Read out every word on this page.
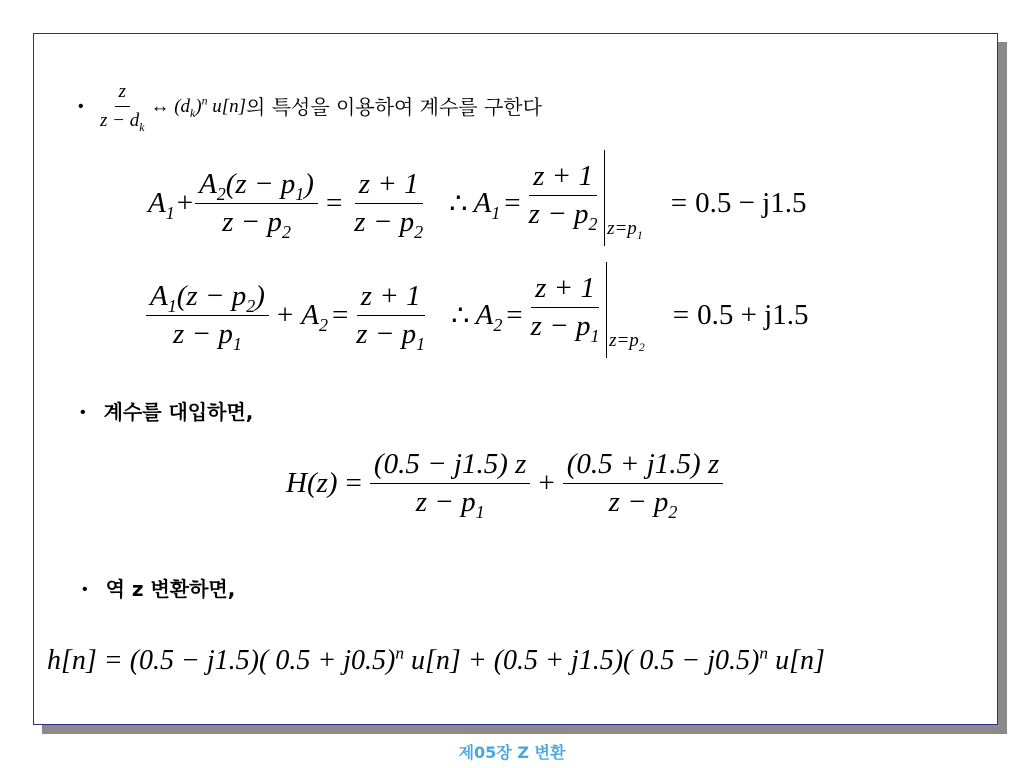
• $\frac{z}{z - d_k}$ ↔ $(d_k)^n$ u[n] 의 특성을 이용하여 계수를 구한다
$A_1 + \frac{A_2(z - p_1)}{z - p_2} = \frac{z + 1}{z - p_2}$ ∴ $A_1 = \frac{z + 1}{z - p_2} z=p_1$
= 0.5 − j1.5
$\frac{A_1(z - p_2)}{z - p_1} + A_2 = \frac{z + 1}{z - p_1}$ ∴ $A_2 = \frac{z + 1}{z - p_1} z=p_2$
= 0.5 + j1.5
• 계수를 대입하면,
$H(z) = \frac{(0.5 - j1.5) z}{z - p_1} + \frac{(0.5 + j1.5) z}{z - p_2}$
• 역 z 변환하면,
h[n] = (0.5 − j1.5)( 0.5 + j0.5)$^n$ u[n] + (0.5 + j1.5)( 0.5 − j0.5)$^n$ u[n]
제05장 Z 변환
